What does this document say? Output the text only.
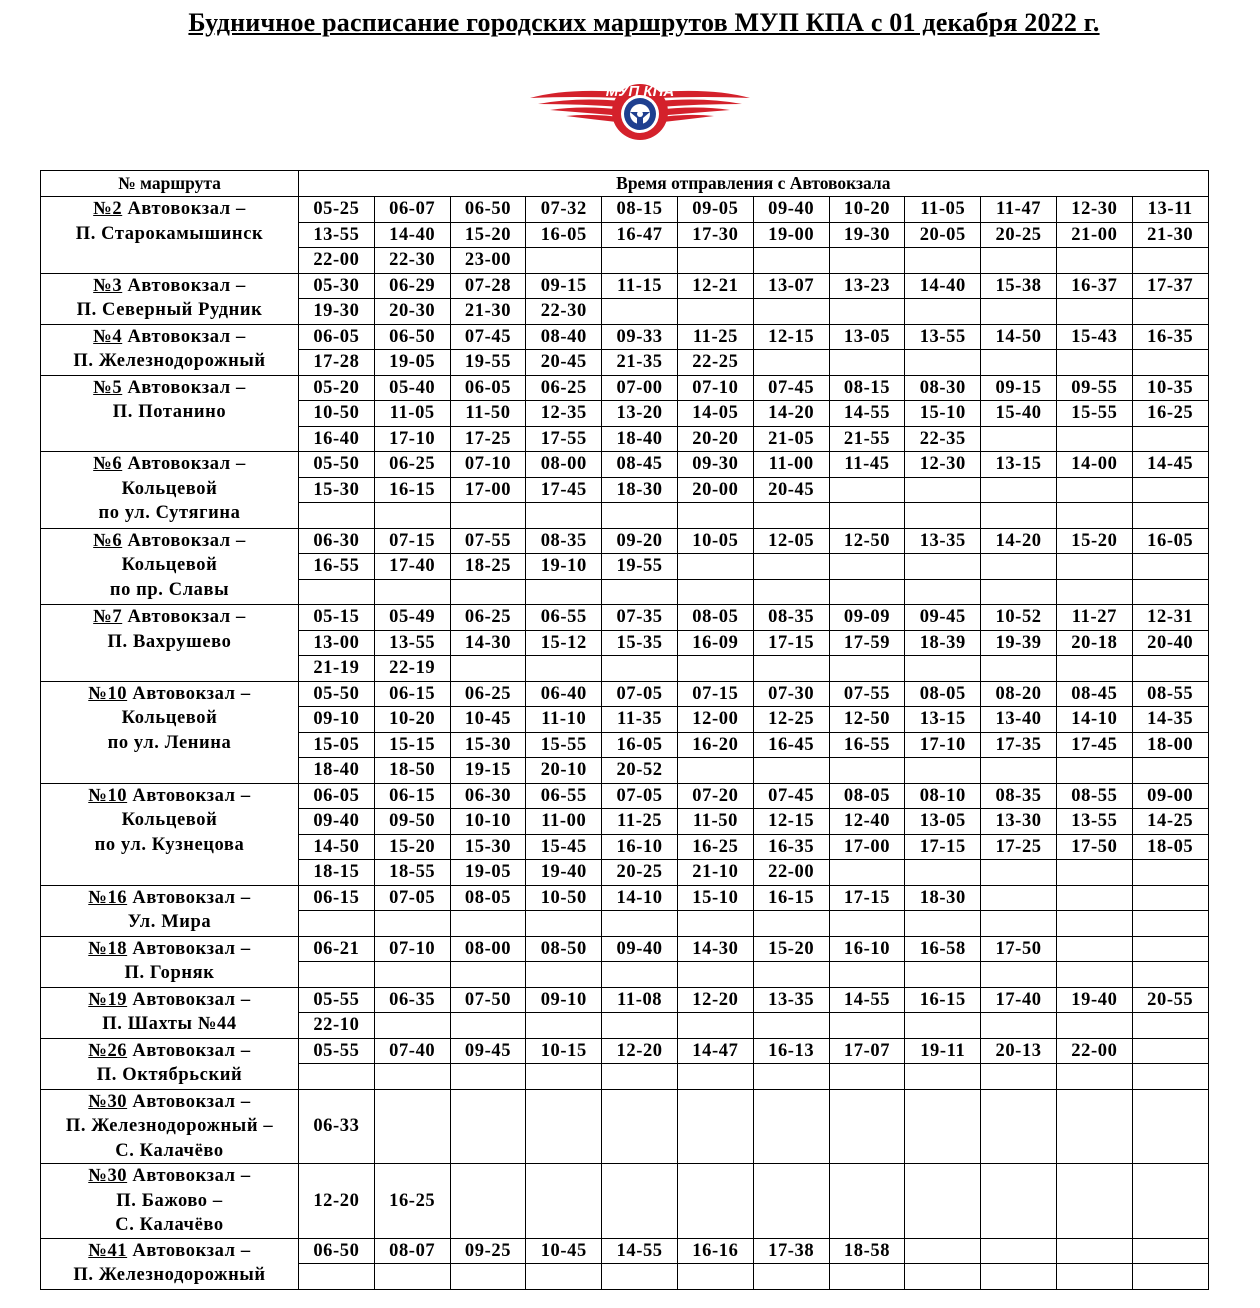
Будничное расписание городских маршрутов МУП КПА с 01 декабря 2022 г.
МУП КПА
№ маршрута	Время отправления с Автовокзала											

№2 Автовокзал –
П. Старокамышинск	05-25	06-07	06-50	07-32	08-15	09-05	09-40	10-20	11-05	11-47	12-30	13-11
	13-55	14-40	15-20	16-05	16-47	17-30	19-00	19-30	20-05	20-25	21-00	21-30
	22-00	22-30	23-00									

№3 Автовокзал –
П. Северный Рудник	05-30	06-29	07-28	09-15	11-15	12-21	13-07	13-23	14-40	15-38	16-37	17-37
	19-30	20-30	21-30	22-30								

№4 Автовокзал –
П. Железнодорожный	06-05	06-50	07-45	08-40	09-33	11-25	12-15	13-05	13-55	14-50	15-43	16-35
	17-28	19-05	19-55	20-45	21-35	22-25						

№5 Автовокзал –
П. Потанино	05-20	05-40	06-05	06-25	07-00	07-10	07-45	08-15	08-30	09-15	09-55	10-35
	10-50	11-05	11-50	12-35	13-20	14-05	14-20	14-55	15-10	15-40	15-55	16-25
	16-40	17-10	17-25	17-55	18-40	20-20	21-05	21-55	22-35			

№6 Автовокзал –
Кольцевой
по ул. Сутягина	05-50	06-25	07-10	08-00	08-45	09-30	11-00	11-45	12-30	13-15	14-00	14-45
	15-30	16-15	17-00	17-45	18-30	20-00	20-45					

№6 Автовокзал –
Кольцевой
по пр. Славы	06-30	07-15	07-55	08-35	09-20	10-05	12-05	12-50	13-35	14-20	15-20	16-05
	16-55	17-40	18-25	19-10	19-55							

№7 Автовокзал –
П. Вахрушево	05-15	05-49	06-25	06-55	07-35	08-05	08-35	09-09	09-45	10-52	11-27	12-31
	13-00	13-55	14-30	15-12	15-35	16-09	17-15	17-59	18-39	19-39	20-18	20-40
	21-19	22-19										

№10 Автовокзал –
Кольцевой
по ул. Ленина	05-50	06-15	06-25	06-40	07-05	07-15	07-30	07-55	08-05	08-20	08-45	08-55
	09-10	10-20	10-45	11-10	11-35	12-00	12-25	12-50	13-15	13-40	14-10	14-35
	15-05	15-15	15-30	15-55	16-05	16-20	16-45	16-55	17-10	17-35	17-45	18-00
	18-40	18-50	19-15	20-10	20-52							

№10 Автовокзал –
Кольцевой
по ул. Кузнецова	06-05	06-15	06-30	06-55	07-05	07-20	07-45	08-05	08-10	08-35	08-55	09-00
	09-40	09-50	10-10	11-00	11-25	11-50	12-15	12-40	13-05	13-30	13-55	14-25
	14-50	15-20	15-30	15-45	16-10	16-25	16-35	17-00	17-15	17-25	17-50	18-05
	18-15	18-55	19-05	19-40	20-25	21-10	22-00					

№16 Автовокзал –
Ул. Мира	06-15	07-05	08-05	10-50	14-10	15-10	16-15	17-15	18-30			

№18 Автовокзал –
П. Горняк	06-21	07-10	08-00	08-50	09-40	14-30	15-20	16-10	16-58	17-50		

№19 Автовокзал –
П. Шахты №44	05-55	06-35	07-50	09-10	11-08	12-20	13-35	14-55	16-15	17-40	19-40	20-55
	22-10											

№26 Автовокзал –
П. Октябрьский	05-55	07-40	09-45	10-15	12-20	14-47	16-13	17-07	19-11	20-13	22-00	

№30 Автовокзал –
П. Железнодорожный –
С. Калачёво	06-33											

№30 Автовокзал –
П. Бажово –
С. Калачёво	12-20	16-25										

№41 Автовокзал –
П. Железнодорожный	06-50	08-07	09-25	10-45	14-55	16-16	17-38	18-58				
